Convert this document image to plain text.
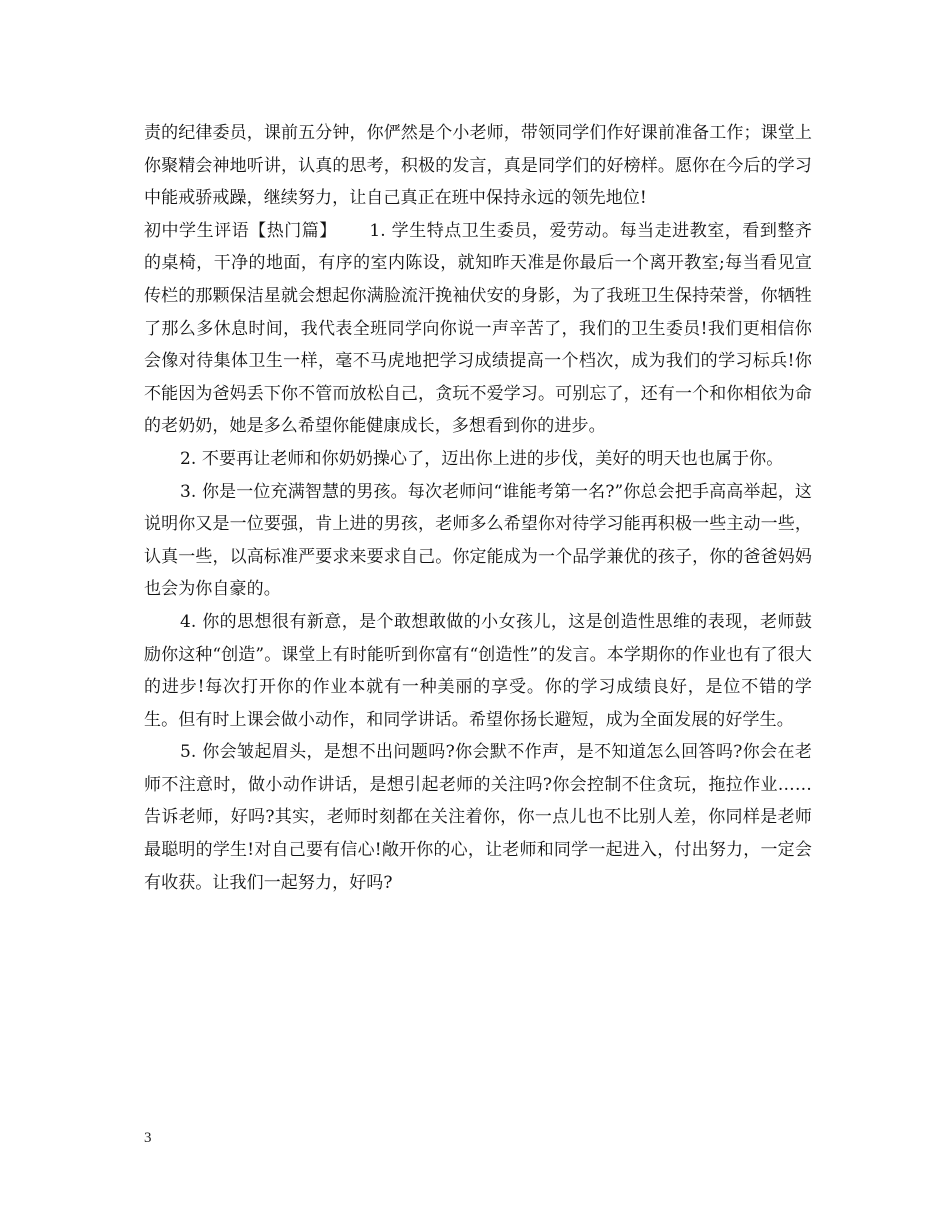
责的纪律委员，课前五分钟，你俨然是个小老师，带领同学们作好课前准备工作；课堂上你聚精会神地听讲，认真的思考，积极的发言，真是同学们的好榜样。愿你在今后的学习中能戒骄戒躁，继续努力，让自己真正在班中保持永远的领先地位!

初中学生评语【热门篇】　　 1. 学生特点卫生委员，爱劳动。每当走进教室，看到整齐的桌椅，干净的地面，有序的室内陈设，就知昨天准是你最后一个离开教室;每当看见宣传栏的那颗保洁星就会想起你满脸流汗挽袖伏安的身影，为了我班卫生保持荣誉，你牺牲了那么多休息时间，我代表全班同学向你说一声辛苦了，我们的卫生委员!我们更相信你会像对待集体卫生一样，毫不马虎地把学习成绩提高一个档次，成为我们的学习标兵!你不能因为爸妈丢下你不管而放松自己，贪玩不爱学习。可别忘了，还有一个和你相依为命的老奶奶，她是多么希望你能健康成长，多想看到你的进步。

2. 不要再让老师和你奶奶操心了，迈出你上进的步伐，美好的明天也也属于你。

3. 你是一位充满智慧的男孩。每次老师问“谁能考第一名?”你总会把手高高举起，这说明你又是一位要强，肯上进的男孩，老师多么希望你对待学习能再积极一些主动一些，认真一些，以高标准严要求来要求自己。你定能成为一个品学兼优的孩子，你的爸爸妈妈也会为你自豪的。

4. 你的思想很有新意，是个敢想敢做的小女孩儿，这是创造性思维的表现，老师鼓励你这种“创造”。课堂上有时能听到你富有“创造性”的发言。本学期你的作业也有了很大的进步!每次打开你的作业本就有一种美丽的享受。你的学习成绩良好，是位不错的学生。但有时上课会做小动作，和同学讲话。希望你扬长避短，成为全面发展的好学生。

5. 你会皱起眉头，是想不出问题吗?你会默不作声，是不知道怎么回答吗?你会在老师不注意时，做小动作讲话，是想引起老师的关注吗?你会控制不住贪玩，拖拉作业……告诉老师，好吗?其实，老师时刻都在关注着你，你一点儿也不比别人差，你同样是老师最聪明的学生!对自己要有信心!敞开你的心，让老师和同学一起进入，付出努力，一定会有收获。让我们一起努力，好吗?

3
